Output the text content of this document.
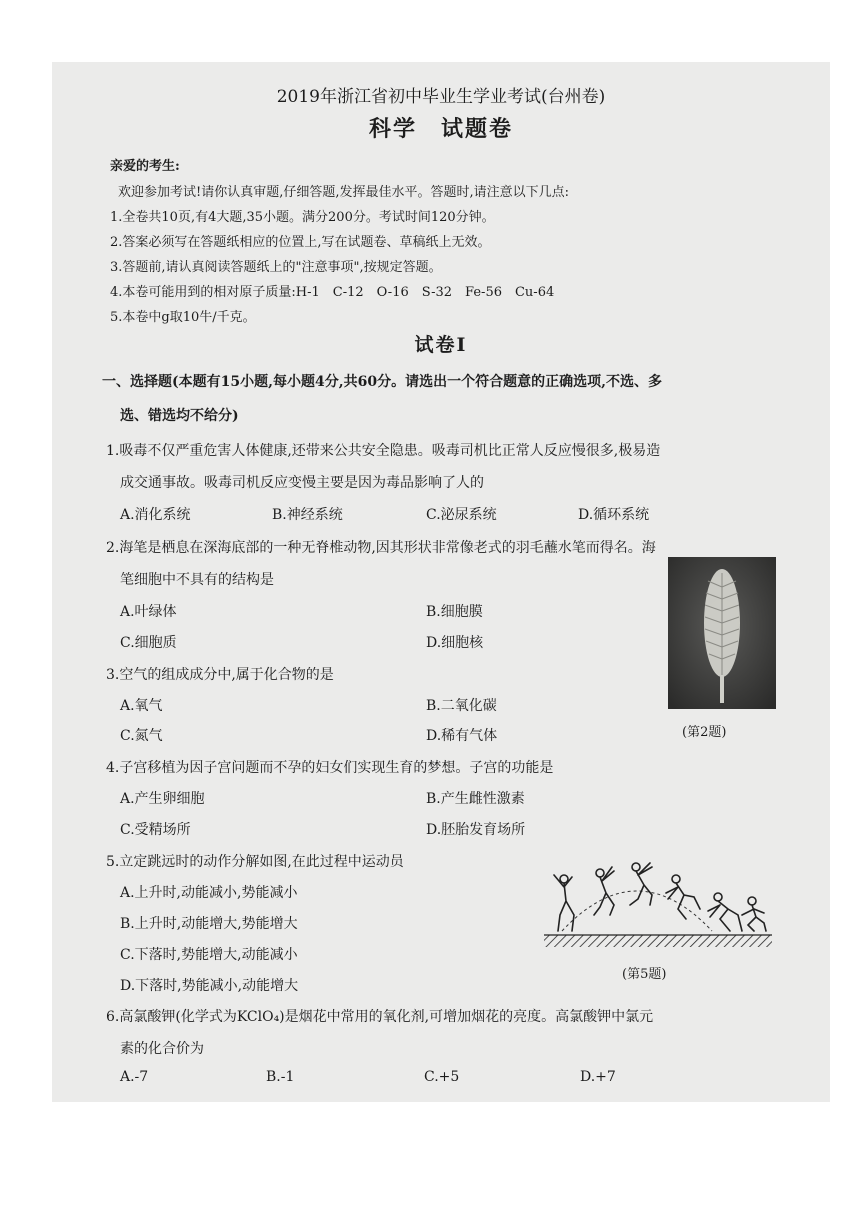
2019年浙江省初中毕业生学业考试(台州卷)
科学　试题卷
亲爱的考生:
欢迎参加考试!请你认真审题,仔细答题,发挥最佳水平。答题时,请注意以下几点:
1.全卷共10页,有4大题,35小题。满分200分。考试时间120分钟。
2.答案必须写在答题纸相应的位置上,写在试题卷、草稿纸上无效。
3.答题前,请认真阅读答题纸上的"注意事项",按规定答题。
4.本卷可能用到的相对原子质量:H-1　C-12　O-16　S-32　Fe-56　Cu-64
5.本卷中g取10牛/千克。
试卷Ⅰ
一、选择题(本题有15小题,每小题4分,共60分。请选出一个符合题意的正确选项,不选、多
选、错选均不给分)
1.吸毒不仅严重危害人体健康,还带来公共安全隐患。吸毒司机比正常人反应慢很多,极易造
成交通事故。吸毒司机反应变慢主要是因为毒品影响了人的
A.消化系统	B.神经系统	C.泌尿系统	D.循环系统
2.海笔是栖息在深海底部的一种无脊椎动物,因其形状非常像老式的羽毛蘸水笔而得名。海
笔细胞中不具有的结构是
A.叶绿体	B.细胞膜
C.细胞质	D.细胞核
(第2题)
3.空气的组成成分中,属于化合物的是
A.氧气	B.二氧化碳
C.氮气	D.稀有气体
4.子宫移植为因子宫问题而不孕的妇女们实现生育的梦想。子宫的功能是
A.产生卵细胞	B.产生雌性激素
C.受精场所	D.胚胎发育场所
5.立定跳远时的动作分解如图,在此过程中运动员
A.上升时,动能减小,势能减小
B.上升时,动能增大,势能增大
C.下落时,势能增大,动能减小
D.下落时,势能减小,动能增大
(第5题)
6.高氯酸钾(化学式为KClO₄)是烟花中常用的氧化剂,可增加烟花的亮度。高氯酸钾中氯元
素的化合价为
A.-7	B.-1	C.+5	D.+7
